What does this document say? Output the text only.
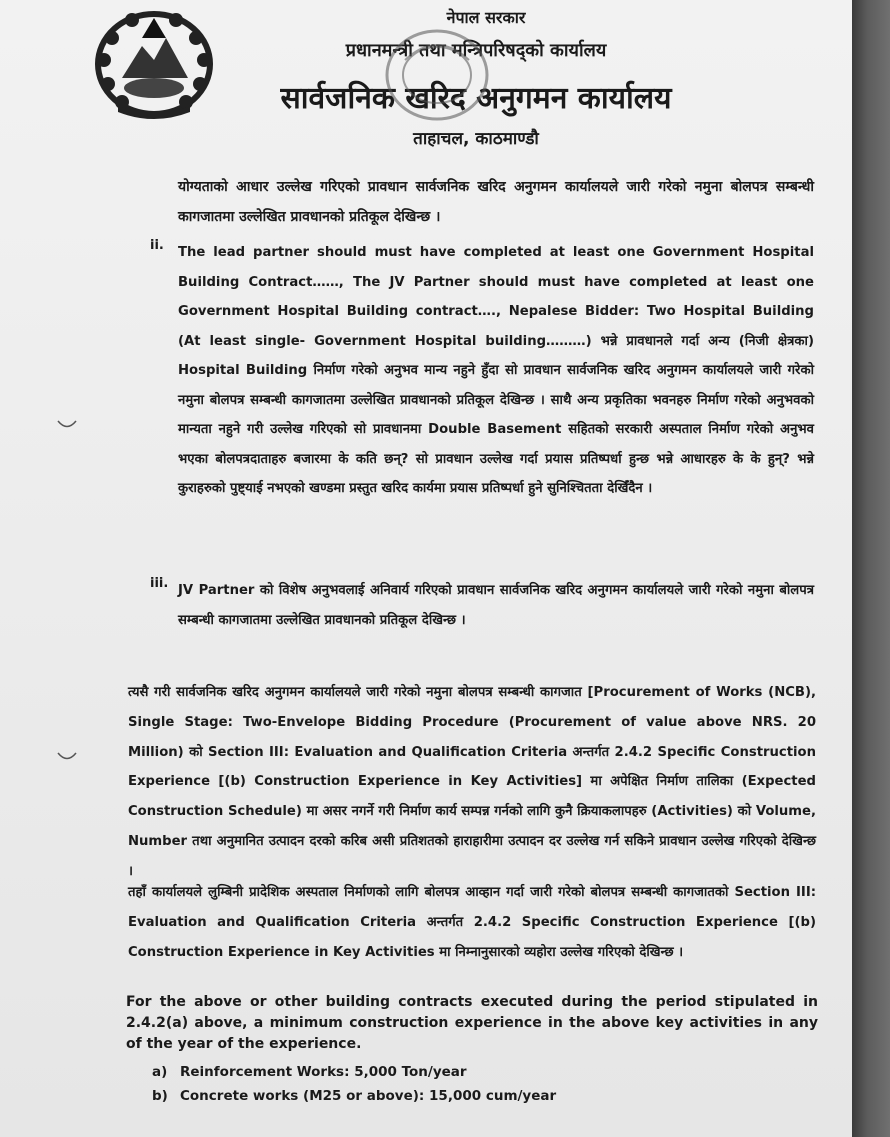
नेपाल सरकार
प्रधानमन्त्री तथा मन्त्रिपरिषद्को कार्यालय
सार्वजनिक खरिद अनुगमन कार्यालय
ताहाचल, काठमाण्डौ
योग्यताको आधार उल्लेख गरिएको प्रावधान सार्वजनिक खरिद अनुगमन कार्यालयले जारी गरेको नमुना बोलपत्र सम्बन्धी कागजातमा उल्लेखित प्रावधानको प्रतिकूल देखिन्छ ।
ii. The lead partner should must have completed at least one Government Hospital Building Contract……, The JV Partner should must have completed at least one Government Hospital Building contract…., Nepalese Bidder: Two Hospital Building (At least single- Government Hospital building………) भन्ने प्रावधानले गर्दा अन्य (निजी क्षेत्रका) Hospital Building निर्माण गरेको अनुभव मान्य नहुने हुँदा सो प्रावधान सार्वजनिक खरिद अनुगमन कार्यालयले जारी गरेको नमुना बोलपत्र सम्बन्धी कागजातमा उल्लेखित प्रावधानको प्रतिकूल देखिन्छ । साथै अन्य प्रकृतिका भवनहरु निर्माण गरेको अनुभवको मान्यता नहुने गरी उल्लेख गरिएको सो प्रावधानमा Double Basement सहितको सरकारी अस्पताल निर्माण गरेको अनुभव भएका बोलपत्रदाताहरु बजारमा के कति छन्? सो प्रावधान उल्लेख गर्दा प्रयास प्रतिष्पर्धा हुन्छ भन्ने आधारहरु के के हुन्? भन्ने कुराहरुको पुष्ट्याई नभएको खण्डमा प्रस्तुत खरिद कार्यमा प्रयास प्रतिष्पर्धा हुने सुनिश्चितता देखिँदैन ।
iii. JV Partner को विशेष अनुभवलाई अनिवार्य गरिएको प्रावधान सार्वजनिक खरिद अनुगमन कार्यालयले जारी गरेको नमुना बोलपत्र सम्बन्धी कागजातमा उल्लेखित प्रावधानको प्रतिकूल देखिन्छ ।
त्यसै गरी सार्वजनिक खरिद अनुगमन कार्यालयले जारी गरेको नमुना बोलपत्र सम्बन्धी कागजात [Procurement of Works (NCB), Single Stage: Two-Envelope Bidding Procedure (Procurement of value above NRS. 20 Million) को Section III: Evaluation and Qualification Criteria अन्तर्गत 2.4.2 Specific Construction Experience [(b) Construction Experience in Key Activities] मा अपेक्षित निर्माण तालिका (Expected Construction Schedule) मा असर नगर्ने गरी निर्माण कार्य सम्पन्न गर्नको लागि कुनै क्रियाकलापहरु (Activities) को Volume, Number तथा अनुमानित उत्पादन दरको करिब असी प्रतिशतको हाराहारीमा उत्पादन दर उल्लेख गर्न सकिने प्रावधान उल्लेख गरिएको देखिन्छ ।
तहाँ कार्यालयले लुम्बिनी प्रादेशिक अस्पताल निर्माणको लागि बोलपत्र आव्हान गर्दा जारी गरेको बोलपत्र सम्बन्धी कागजातको Section III: Evaluation and Qualification Criteria अन्तर्गत 2.4.2 Specific Construction Experience [(b) Construction Experience in Key Activities मा निम्नानुसारको व्यहोरा उल्लेख गरिएको देखिन्छ ।
For the above or other building contracts executed during the period stipulated in 2.4.2(a) above, a minimum construction experience in the above key activities in any of the year of the experience.
a) Reinforcement Works: 5,000 Ton/year
b) Concrete works (M25 or above): 15,000 cum/year
